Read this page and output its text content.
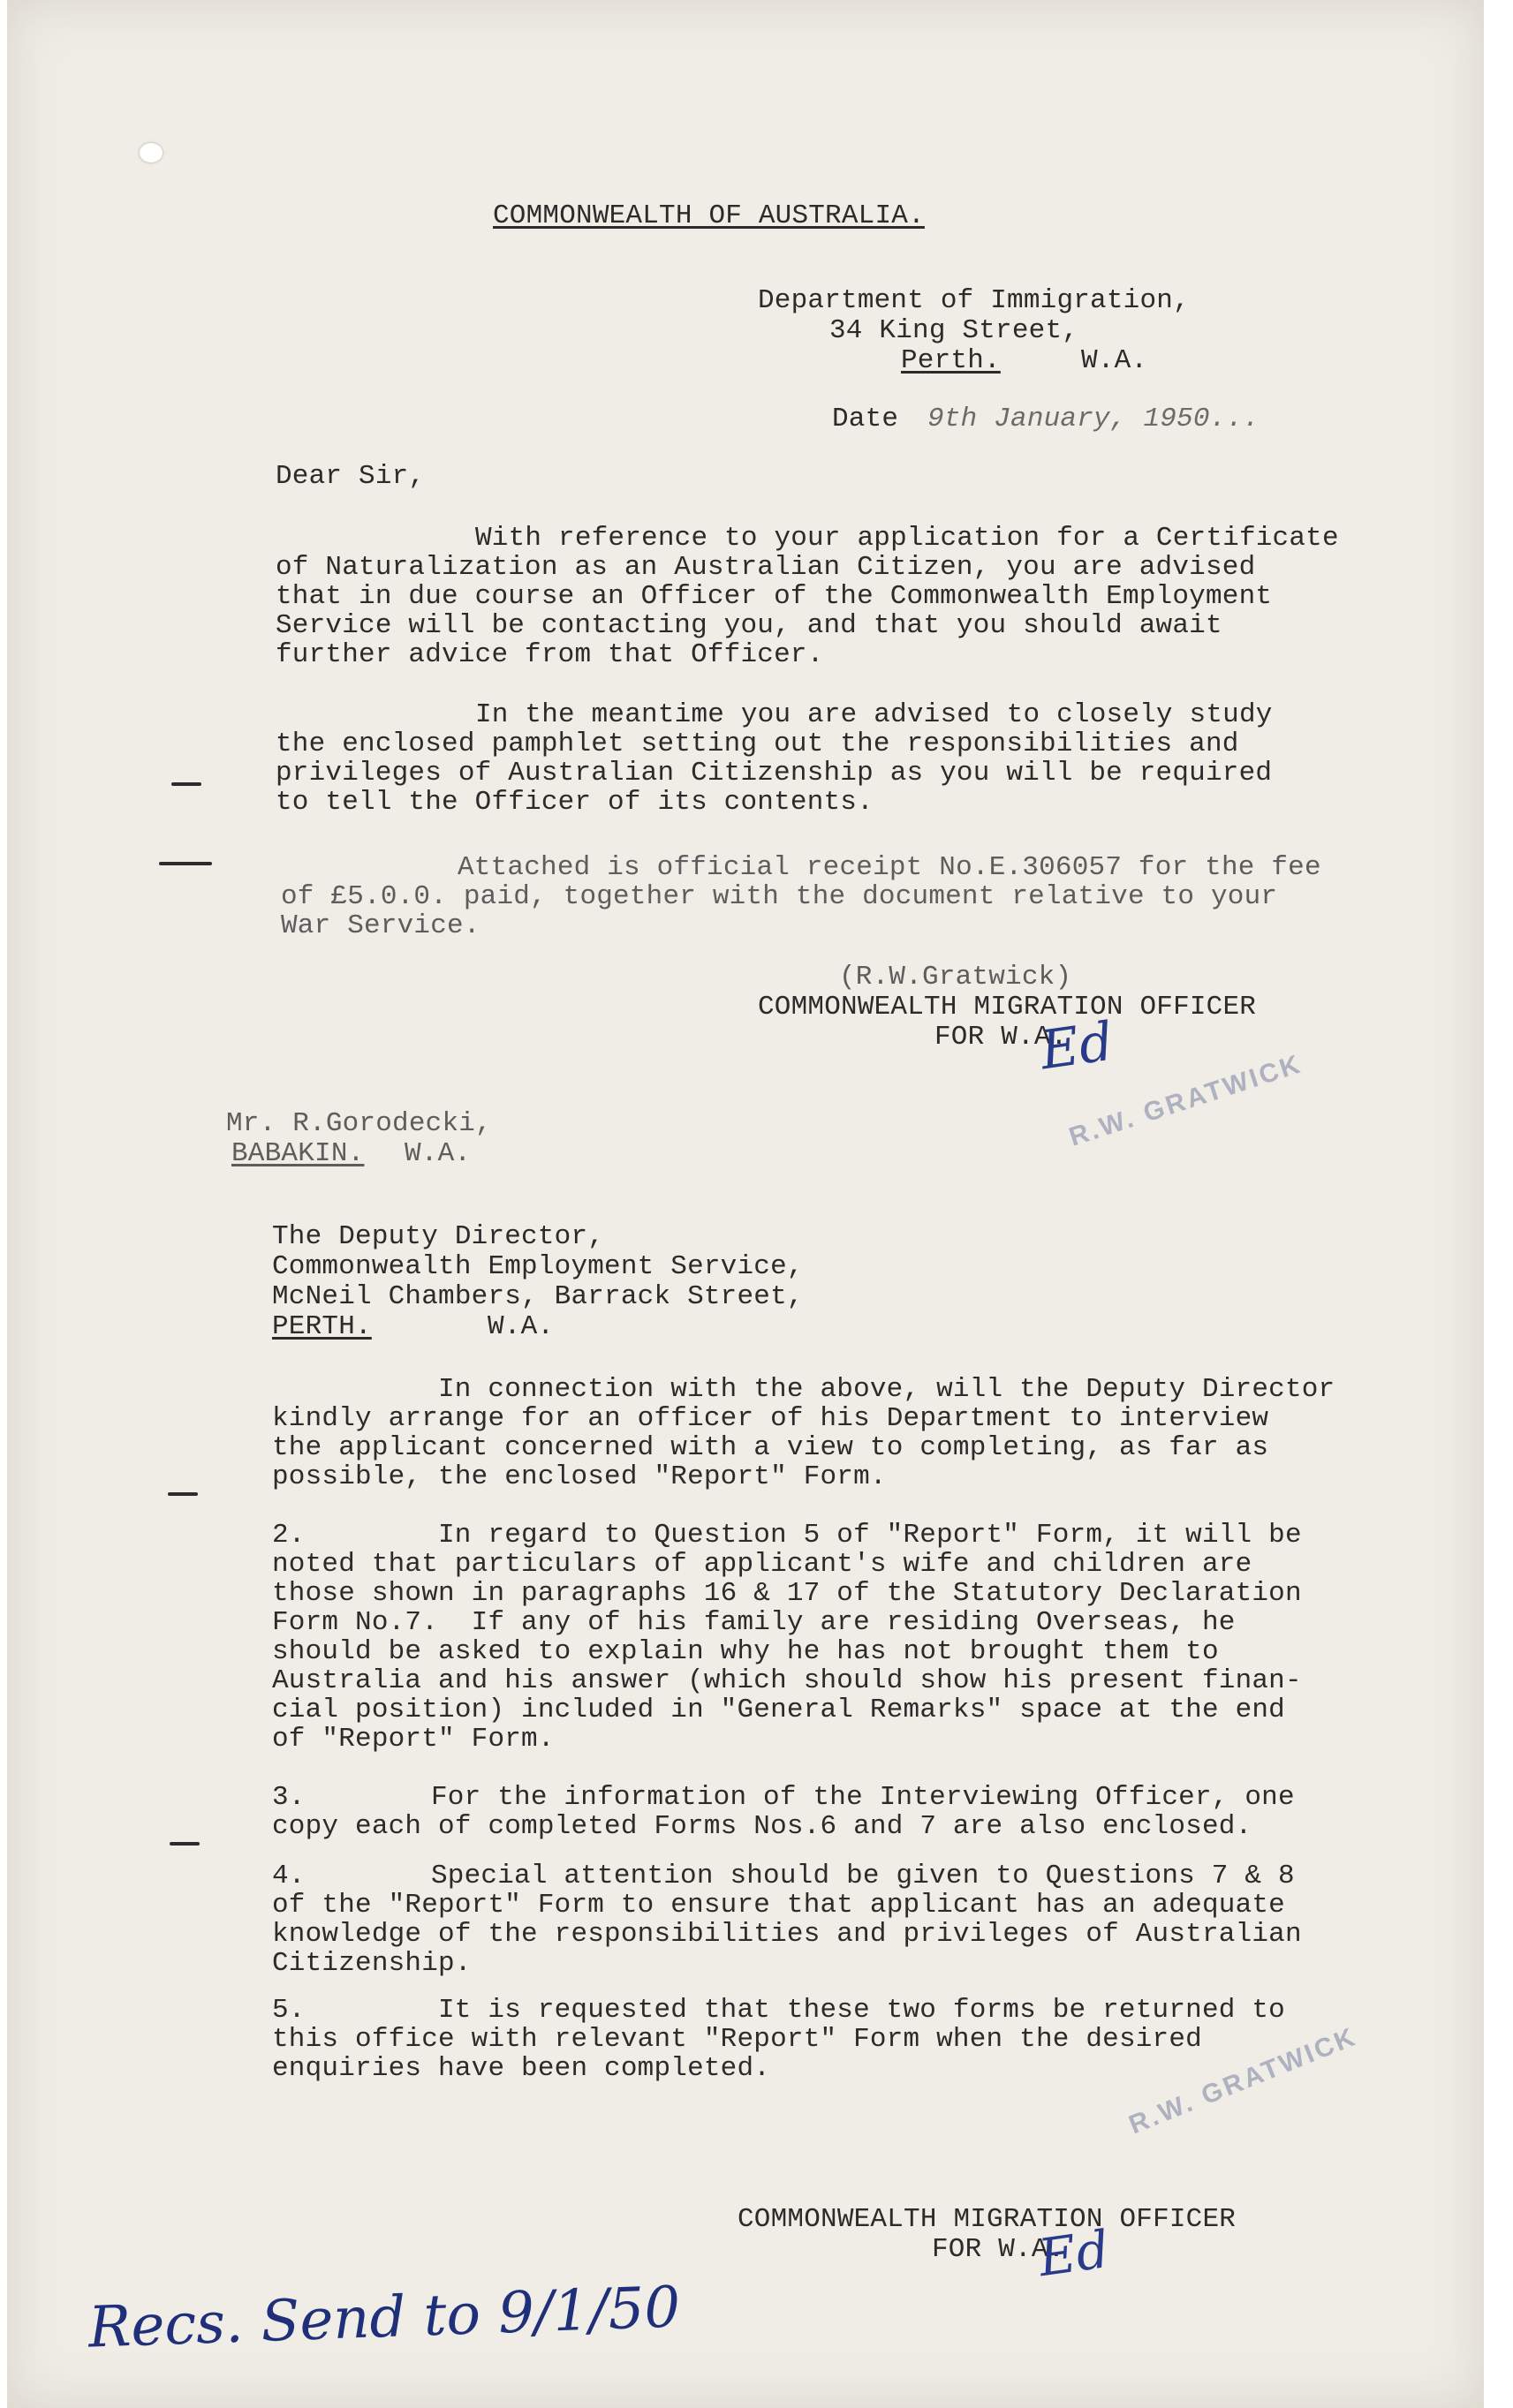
COMMONWEALTH OF AUSTRALIA.
Department of Immigration,
34 King Street,
Perth.	W.A.
Date 9th January, 1950...
Dear Sir,
With reference to your application for a Certificate
of Naturalization as an Australian Citizen, you are advised
that in due course an Officer of the Commonwealth Employment
Service will be contacting you, and that you should await
further advice from that Officer.
In the meantime you are advised to closely study
the enclosed pamphlet setting out the responsibilities and
privileges of Australian Citizenship as you will be required
to tell the Officer of its contents.
Attached is official receipt No.E.306057 for the fee
of £5.0.0. paid, together with the document relative to your
War Service.
(R.W.Gratwick)
COMMONWEALTH MIGRATION OFFICER
FOR W.A.
Ed
R.W. GRATWICK
Mr. R.Gorodecki,
BABAKIN. W.A.
The Deputy Director,
Commonwealth Employment Service,
McNeil Chambers, Barrack Street,
PERTH.	W.A.
In connection with the above, will the Deputy Director
kindly arrange for an officer of his Department to interview
the applicant concerned with a view to completing, as far as
possible, the enclosed "Report" Form.
2.	In regard to Question 5 of "Report" Form, it will be
noted that particulars of applicant's wife and children are
those shown in paragraphs 16 & 17 of the Statutory Declaration
Form No.7.  If any of his family are residing Overseas, he
should be asked to explain why he has not brought them to
Australia and his answer (which should show his present finan-
cial position) included in "General Remarks" space at the end
of "Report" Form.
3.	For the information of the Interviewing Officer, one
copy each of completed Forms Nos.6 and 7 are also enclosed.
4.	Special attention should be given to Questions 7 & 8
of the "Report" Form to ensure that applicant has an adequate
knowledge of the responsibilities and privileges of Australian
Citizenship.
5.	It is requested that these two forms be returned to
this office with relevant "Report" Form when the desired
enquiries have been completed.	R.W. GRATWICK
COMMONWEALTH MIGRATION OFFICER
FOR W.A.
Ed
Recs. Send to 9/1/50
